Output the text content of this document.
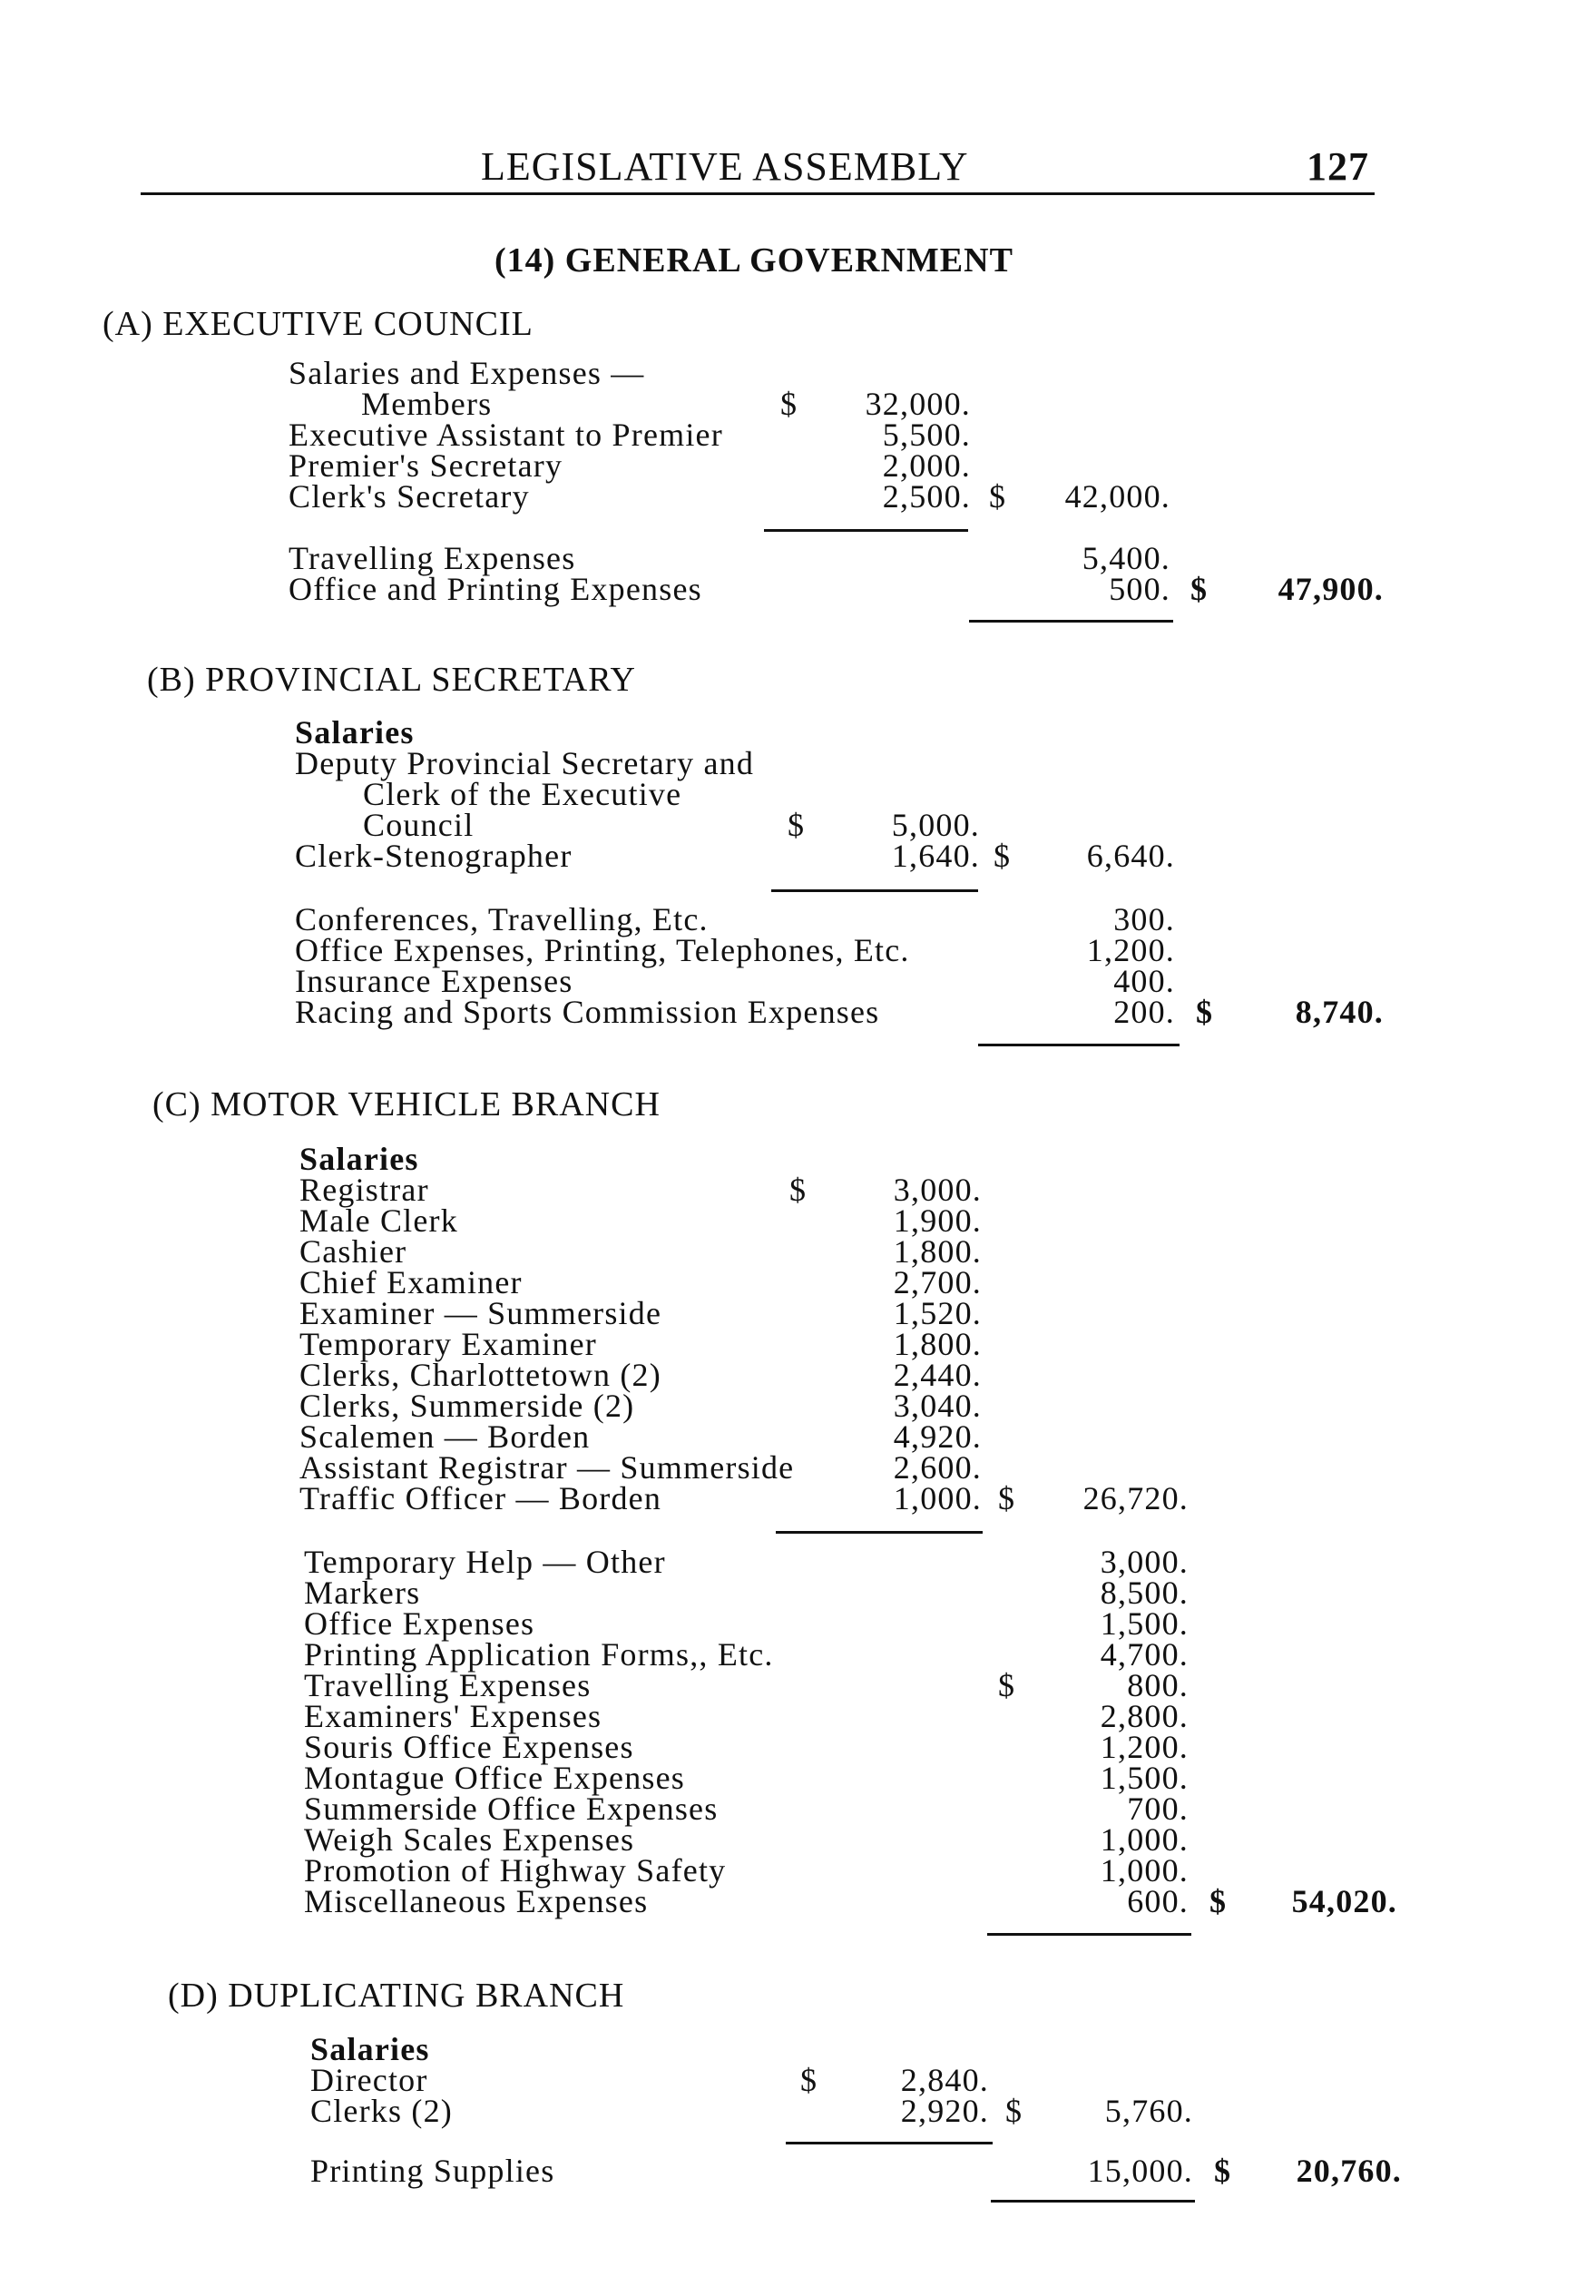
LEGISLATIVE ASSEMBLY	127
(14) GENERAL GOVERNMENT
(A) EXECUTIVE COUNCIL
Salaries and Expenses —
Members	$	32,000.
Executive Assistant to Premier	5,500.
Premier's Secretary	2,000.
Clerk's Secretary	2,500. $	42,000.
Travelling Expenses	5,400.
Office and Printing Expenses	500. $	47,900.
(B) PROVINCIAL SECRETARY
Salaries
Deputy Provincial Secretary and
Clerk of the Executive
Council	$	5,000.
Clerk-Stenographer	1,640. $	6,640.
Conferences, Travelling, Etc.	300.
Office Expenses, Printing, Telephones, Etc.	1,200.
Insurance Expenses	400.
Racing and Sports Commission Expenses	200. $	8,740.
(C) MOTOR VEHICLE BRANCH
Salaries
Registrar	$	3,000.
Male Clerk	1,900.
Cashier	1,800.
Chief Examiner	2,700.
Examiner — Summerside	1,520.
Temporary Examiner	1,800.
Clerks, Charlottetown (2)	2,440.
Clerks, Summerside (2)	3,040.
Scalemen — Borden	4,920.
Assistant Registrar — Summerside	2,600.
Traffic Officer — Borden	1,000. $	26,720.
Temporary Help — Other	3,000.
Markers	8,500.
Office Expenses	1,500.
Printing Application Forms,, Etc.	4,700.
Travelling Expenses	$	800.
Examiners' Expenses	2,800.
Souris Office Expenses	1,200.
Montague Office Expenses	1,500.
Summerside Office Expenses	700.
Weigh Scales Expenses	1,000.
Promotion of Highway Safety	1,000.
Miscellaneous Expenses	600. $	54,020.
(D) DUPLICATING BRANCH
Salaries
Director	$	2,840.
Clerks (2)	2,920. $	5,760.
Printing Supplies	15,000. $	20,760.
